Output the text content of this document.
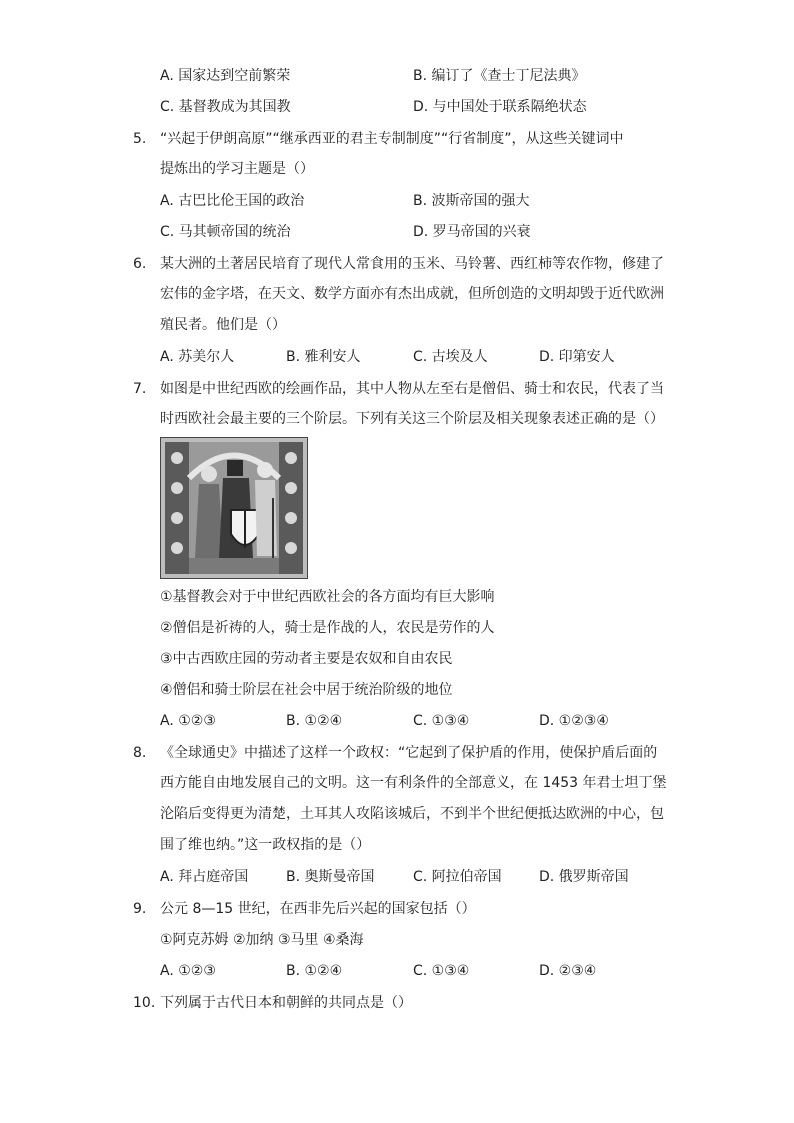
A. 国家达到空前繁荣	B. 编订了《查士丁尼法典》
C. 基督教成为其国教	D. 与中国处于联系隔绝状态
5. “兴起于伊朗高原”“继承西亚的君主专制制度”“行省制度”，从这些关键词中
提炼出的学习主题是（）
A. 古巴比伦王国的政治	B. 波斯帝国的强大
C. 马其顿帝国的统治	D. 罗马帝国的兴衰
6. 某大洲的土著居民培育了现代人常食用的玉米、马铃薯、西红柿等农作物，修建了
宏伟的金字塔，在天文、数学方面亦有杰出成就，但所创造的文明却毁于近代欧洲
殖民者。他们是（）
A. 苏美尔人	B. 雅利安人	C. 古埃及人	D. 印第安人
7. 如图是中世纪西欧的绘画作品，其中人物从左至右是僧侣、骑士和农民，代表了当
时西欧社会最主要的三个阶层。下列有关这三个阶层及相关现象表述正确的是（）
①基督教会对于中世纪西欧社会的各方面均有巨大影响
②僧侣是祈祷的人，骑士是作战的人，农民是劳作的人
③中古西欧庄园的劳动者主要是农奴和自由农民
④僧侣和骑士阶层在社会中居于统治阶级的地位
A. ①②③	B. ①②④	C. ①③④	D. ①②③④
8. 《全球通史》中描述了这样一个政权：“它起到了保护盾的作用，使保护盾后面的
西方能自由地发展自己的文明。这一有利条件的全部意义，在 1453 年君士坦丁堡
沦陷后变得更为清楚，土耳其人攻陷该城后，不到半个世纪便抵达欧洲的中心，包
围了维也纳。”这一政权指的是（）
A. 拜占庭帝国	B. 奥斯曼帝国	C. 阿拉伯帝国	D. 俄罗斯帝国
9. 公元 8—15 世纪，在西非先后兴起的国家包括（）
①阿克苏姆 ②加纳 ③马里 ④桑海
A. ①②③	B. ①②④	C. ①③④	D. ②③④
10. 下列属于古代日本和朝鲜的共同点是（）
